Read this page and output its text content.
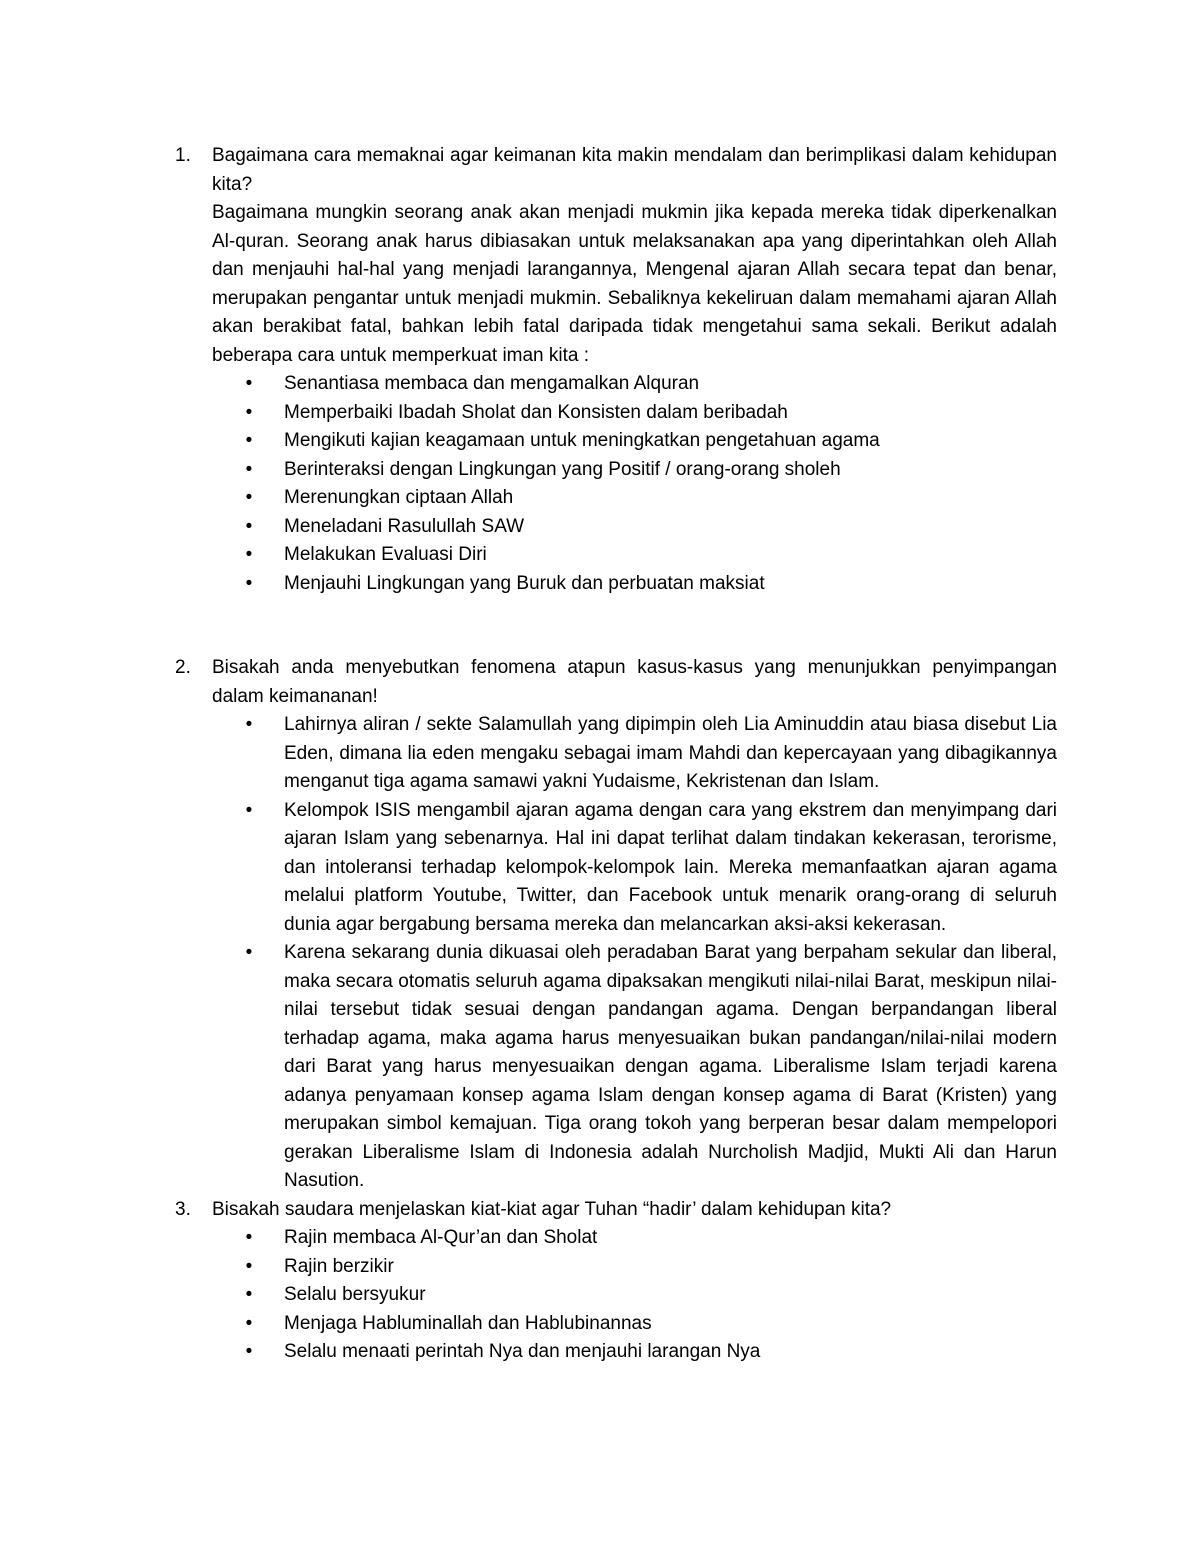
1. Bagaimana cara memaknai agar keimanan kita makin mendalam dan berimplikasi dalam kehidupan kita?
Bagaimana mungkin seorang anak akan menjadi mukmin jika kepada mereka tidak diperkenalkan Al-quran. Seorang anak harus dibiasakan untuk melaksanakan apa yang diperintahkan oleh Allah dan menjauhi hal-hal yang menjadi larangannya, Mengenal ajaran Allah secara tepat dan benar, merupakan pengantar untuk menjadi mukmin. Sebaliknya kekeliruan dalam memahami ajaran Allah akan berakibat fatal, bahkan lebih fatal daripada tidak mengetahui sama sekali. Berikut adalah beberapa cara untuk memperkuat iman kita :
• Senantiasa membaca dan mengamalkan Alquran
• Memperbaiki Ibadah Sholat dan Konsisten dalam beribadah
• Mengikuti kajian keagamaan untuk meningkatkan pengetahuan agama
• Berinteraksi dengan Lingkungan yang Positif / orang-orang sholeh
• Merenungkan ciptaan Allah
• Meneladani Rasulullah SAW
• Melakukan Evaluasi Diri
• Menjauhi Lingkungan yang Buruk dan perbuatan maksiat
2. Bisakah anda menyebutkan fenomena atapun kasus-kasus yang menunjukkan penyimpangan dalam keimananan!
• Lahirnya aliran / sekte Salamullah yang dipimpin oleh Lia Aminuddin atau biasa disebut Lia Eden, dimana lia eden mengaku sebagai imam Mahdi dan kepercayaan yang dibagikannya menganut tiga agama samawi yakni Yudaisme, Kekristenan dan Islam.
• Kelompok ISIS mengambil ajaran agama dengan cara yang ekstrem dan menyimpang dari ajaran Islam yang sebenarnya. Hal ini dapat terlihat dalam tindakan kekerasan, terorisme, dan intoleransi terhadap kelompok-kelompok lain. Mereka memanfaatkan ajaran agama melalui platform Youtube, Twitter, dan Facebook untuk menarik orang-orang di seluruh dunia agar bergabung bersama mereka dan melancarkan aksi-aksi kekerasan.
• Karena sekarang dunia dikuasai oleh peradaban Barat yang berpaham sekular dan liberal, maka secara otomatis seluruh agama dipaksakan mengikuti nilai-nilai Barat, meskipun nilai-nilai tersebut tidak sesuai dengan pandangan agama. Dengan berpandangan liberal terhadap agama, maka agama harus menyesuaikan bukan pandangan/nilai-nilai modern dari Barat yang harus menyesuaikan dengan agama. Liberalisme Islam terjadi karena adanya penyamaan konsep agama Islam dengan konsep agama di Barat (Kristen) yang merupakan simbol kemajuan. Tiga orang tokoh yang berperan besar dalam mempelopori gerakan Liberalisme Islam di Indonesia adalah Nurcholish Madjid, Mukti Ali dan Harun Nasution.
3. Bisakah saudara menjelaskan kiat-kiat agar Tuhan “hadir’ dalam kehidupan kita?
• Rajin membaca Al-Qur’an dan Sholat
• Rajin berzikir
• Selalu bersyukur
• Menjaga Habluminallah dan Hablubinannas
• Selalu menaati perintah Nya dan menjauhi larangan Nya
